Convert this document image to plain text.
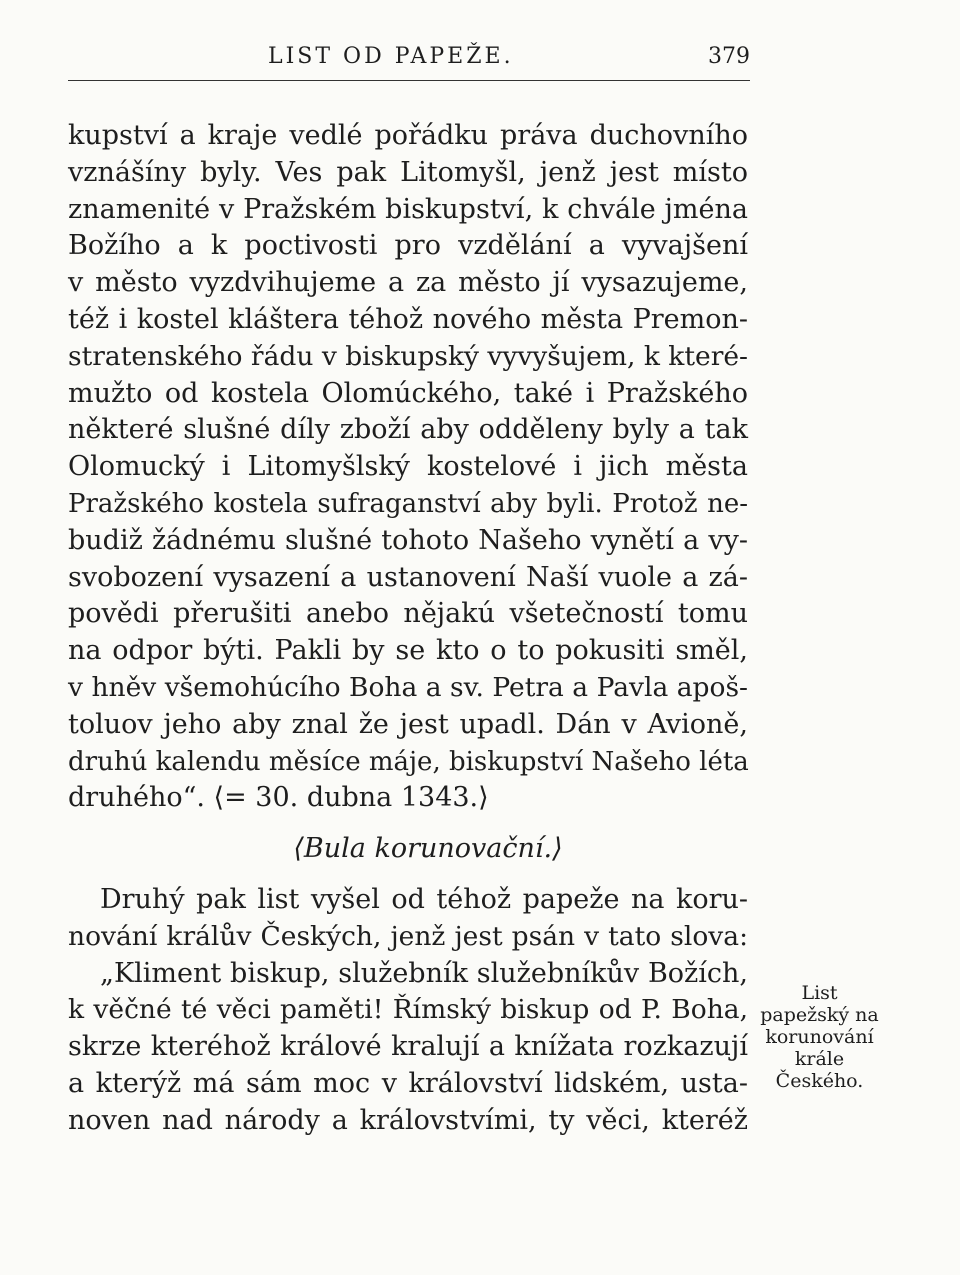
LIST OD PAPEŽE.	379
kupství a kraje vedlé pořádku práva duchovního
vznášíny byly. Ves pak Litomyšl, jenž jest místo
znamenité v Pražském biskupství, k chvále jména
Božího a k poctivosti pro vzdělání a vyvajšení
v město vyzdvihujeme a za město jí vysazujeme,
též i kostel kláštera téhož nového města Premon-
stratenského řádu v biskupský vyvyšujem, k které-
mužto od kostela Olomúckého, také i Pražského
některé slušné díly zboží aby odděleny byly a tak
Olomucký i Litomyšlský kostelové i jich města
Pražského kostela sufraganství aby byli. Protož ne-
budiž žádnému slušné tohoto Našeho vynětí a vy-
svobození vysazení a ustanovení Naší vuole a zá-
povědi přerušiti anebo nějakú všetečností tomu
na odpor býti. Pakli by se kto o to pokusiti směl,
v hněv všemohúcího Boha a sv. Petra a Pavla apoš-
toluov jeho aby znal že jest upadl. Dán v Avioně,
druhú kalendu měsíce máje, biskupství Našeho léta
druhého“. ⟨= 30. dubna 1343.⟩
⟨Bula korunovační.⟩
Druhý pak list vyšel od téhož papeže na koru-
nování králův Českých, jenž jest psán v tato slova:
„Kliment biskup, služebník služebníkův Božích,
k věčné té věci paměti! Římský biskup od P. Boha,
skrze kteréhož králové kralují a knížata rozkazují
a kterýž má sám moc v království lidském, usta-
noven nad národy a královstvími, ty věci, kteréž
List
papežský na
korunování
krále
Českého.
